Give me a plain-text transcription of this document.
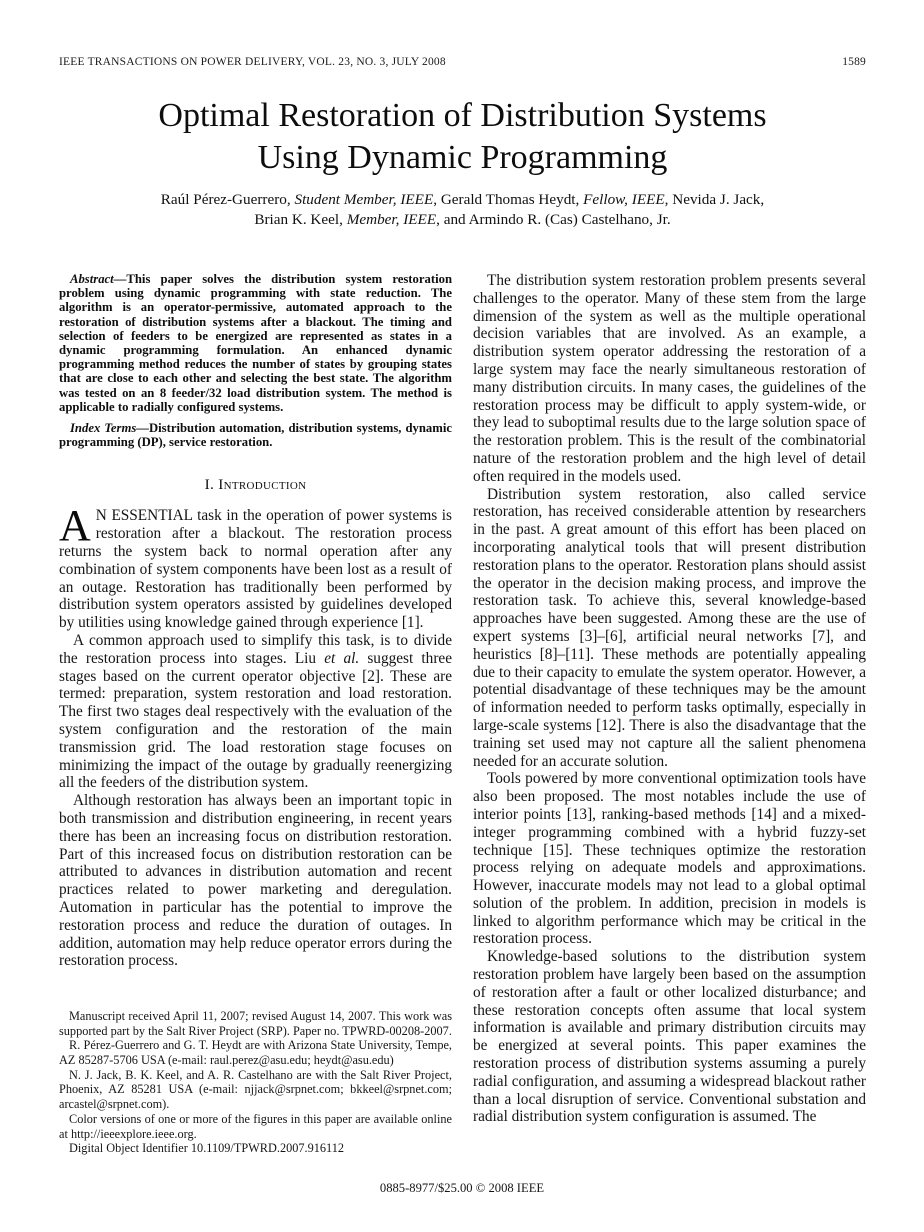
IEEE TRANSACTIONS ON POWER DELIVERY, VOL. 23, NO. 3, JULY 2008	1589
Optimal Restoration of Distribution Systems
Using Dynamic Programming
Raúl Pérez-Guerrero, Student Member, IEEE, Gerald Thomas Heydt, Fellow, IEEE, Nevida J. Jack,
Brian K. Keel, Member, IEEE, and Armindo R. (Cas) Castelhano, Jr.

Abstract—This paper solves the distribution system restoration problem using dynamic programming with state reduction. The algorithm is an operator-permissive, automated approach to the restoration of distribution systems after a blackout. The timing and selection of feeders to be energized are represented as states in a dynamic programming formulation. An enhanced dynamic programming method reduces the number of states by grouping states that are close to each other and selecting the best state. The algorithm was tested on an 8 feeder/32 load distribution system. The method is applicable to radially configured systems.

Index Terms—Distribution automation, distribution systems, dynamic programming (DP), service restoration.

I. Introduction

A N ESSENTIAL task in the operation of power systems is restoration after a blackout. The restoration process returns the system back to normal operation after any combination of system components have been lost as a result of an outage. Restoration has traditionally been performed by distribution system operators assisted by guidelines developed by utilities using knowledge gained through experience [1].

A common approach used to simplify this task, is to divide the restoration process into stages. Liu et al. suggest three stages based on the current operator objective [2]. These are termed: preparation, system restoration and load restoration. The first two stages deal respectively with the evaluation of the system configuration and the restoration of the main transmission grid. The load restoration stage focuses on minimizing the impact of the outage by gradually reenergizing all the feeders of the distribution system.

Although restoration has always been an important topic in both transmission and distribution engineering, in recent years there has been an increasing focus on distribution restoration. Part of this increased focus on distribution restoration can be attributed to advances in distribution automation and recent practices related to power marketing and deregulation. Automation in particular has the potential to improve the restoration process and reduce the duration of outages. In addition, automation may help reduce operator errors during the restoration process.

Manuscript received April 11, 2007; revised August 14, 2007. This work was supported part by the Salt River Project (SRP). Paper no. TPWRD-00208-2007.

R. Pérez-Guerrero and G. T. Heydt are with Arizona State University, Tempe, AZ 85287-5706 USA (e-mail: raul.perez@asu.edu; heydt@asu.edu)

N. J. Jack, B. K. Keel, and A. R. Castelhano are with the Salt River Project, Phoenix, AZ 85281 USA (e-mail: njjack@srpnet.com; bkkeel@srpnet.com; arcastel@srpnet.com).

Color versions of one or more of the figures in this paper are available online at http://ieeexplore.ieee.org.

Digital Object Identifier 10.1109/TPWRD.2007.916112

The distribution system restoration problem presents several challenges to the operator. Many of these stem from the large dimension of the system as well as the multiple operational decision variables that are involved. As an example, a distribution system operator addressing the restoration of a large system may face the nearly simultaneous restoration of many distribution circuits. In many cases, the guidelines of the restoration process may be difficult to apply system-wide, or they lead to suboptimal results due to the large solution space of the restoration problem. This is the result of the combinatorial nature of the restoration problem and the high level of detail often required in the models used.

Distribution system restoration, also called service restoration, has received considerable attention by researchers in the past. A great amount of this effort has been placed on incorporating analytical tools that will present distribution restoration plans to the operator. Restoration plans should assist the operator in the decision making process, and improve the restoration task. To achieve this, several knowledge-based approaches have been suggested. Among these are the use of expert systems [3]–[6], artificial neural networks [7], and heuristics [8]–[11]. These methods are potentially appealing due to their capacity to emulate the system operator. However, a potential disadvantage of these techniques may be the amount of information needed to perform tasks optimally, especially in large-scale systems [12]. There is also the disadvantage that the training set used may not capture all the salient phenomena needed for an accurate solution.

Tools powered by more conventional optimization tools have also been proposed. The most notables include the use of interior points [13], ranking-based methods [14] and a mixed-integer programming combined with a hybrid fuzzy-set technique [15]. These techniques optimize the restoration process relying on adequate models and approximations. However, inaccurate models may not lead to a global optimal solution of the problem. In addition, precision in models is linked to algorithm performance which may be critical in the restoration process.

Knowledge-based solutions to the distribution system restoration problem have largely been based on the assumption of restoration after a fault or other localized disturbance; and these restoration concepts often assume that local system information is available and primary distribution circuits may be energized at several points. This paper examines the restoration process of distribution systems assuming a purely radial configuration, and assuming a widespread blackout rather than a local disruption of service. Conventional substation and radial distribution system configuration is assumed. The

0885-8977/$25.00 © 2008 IEEE
